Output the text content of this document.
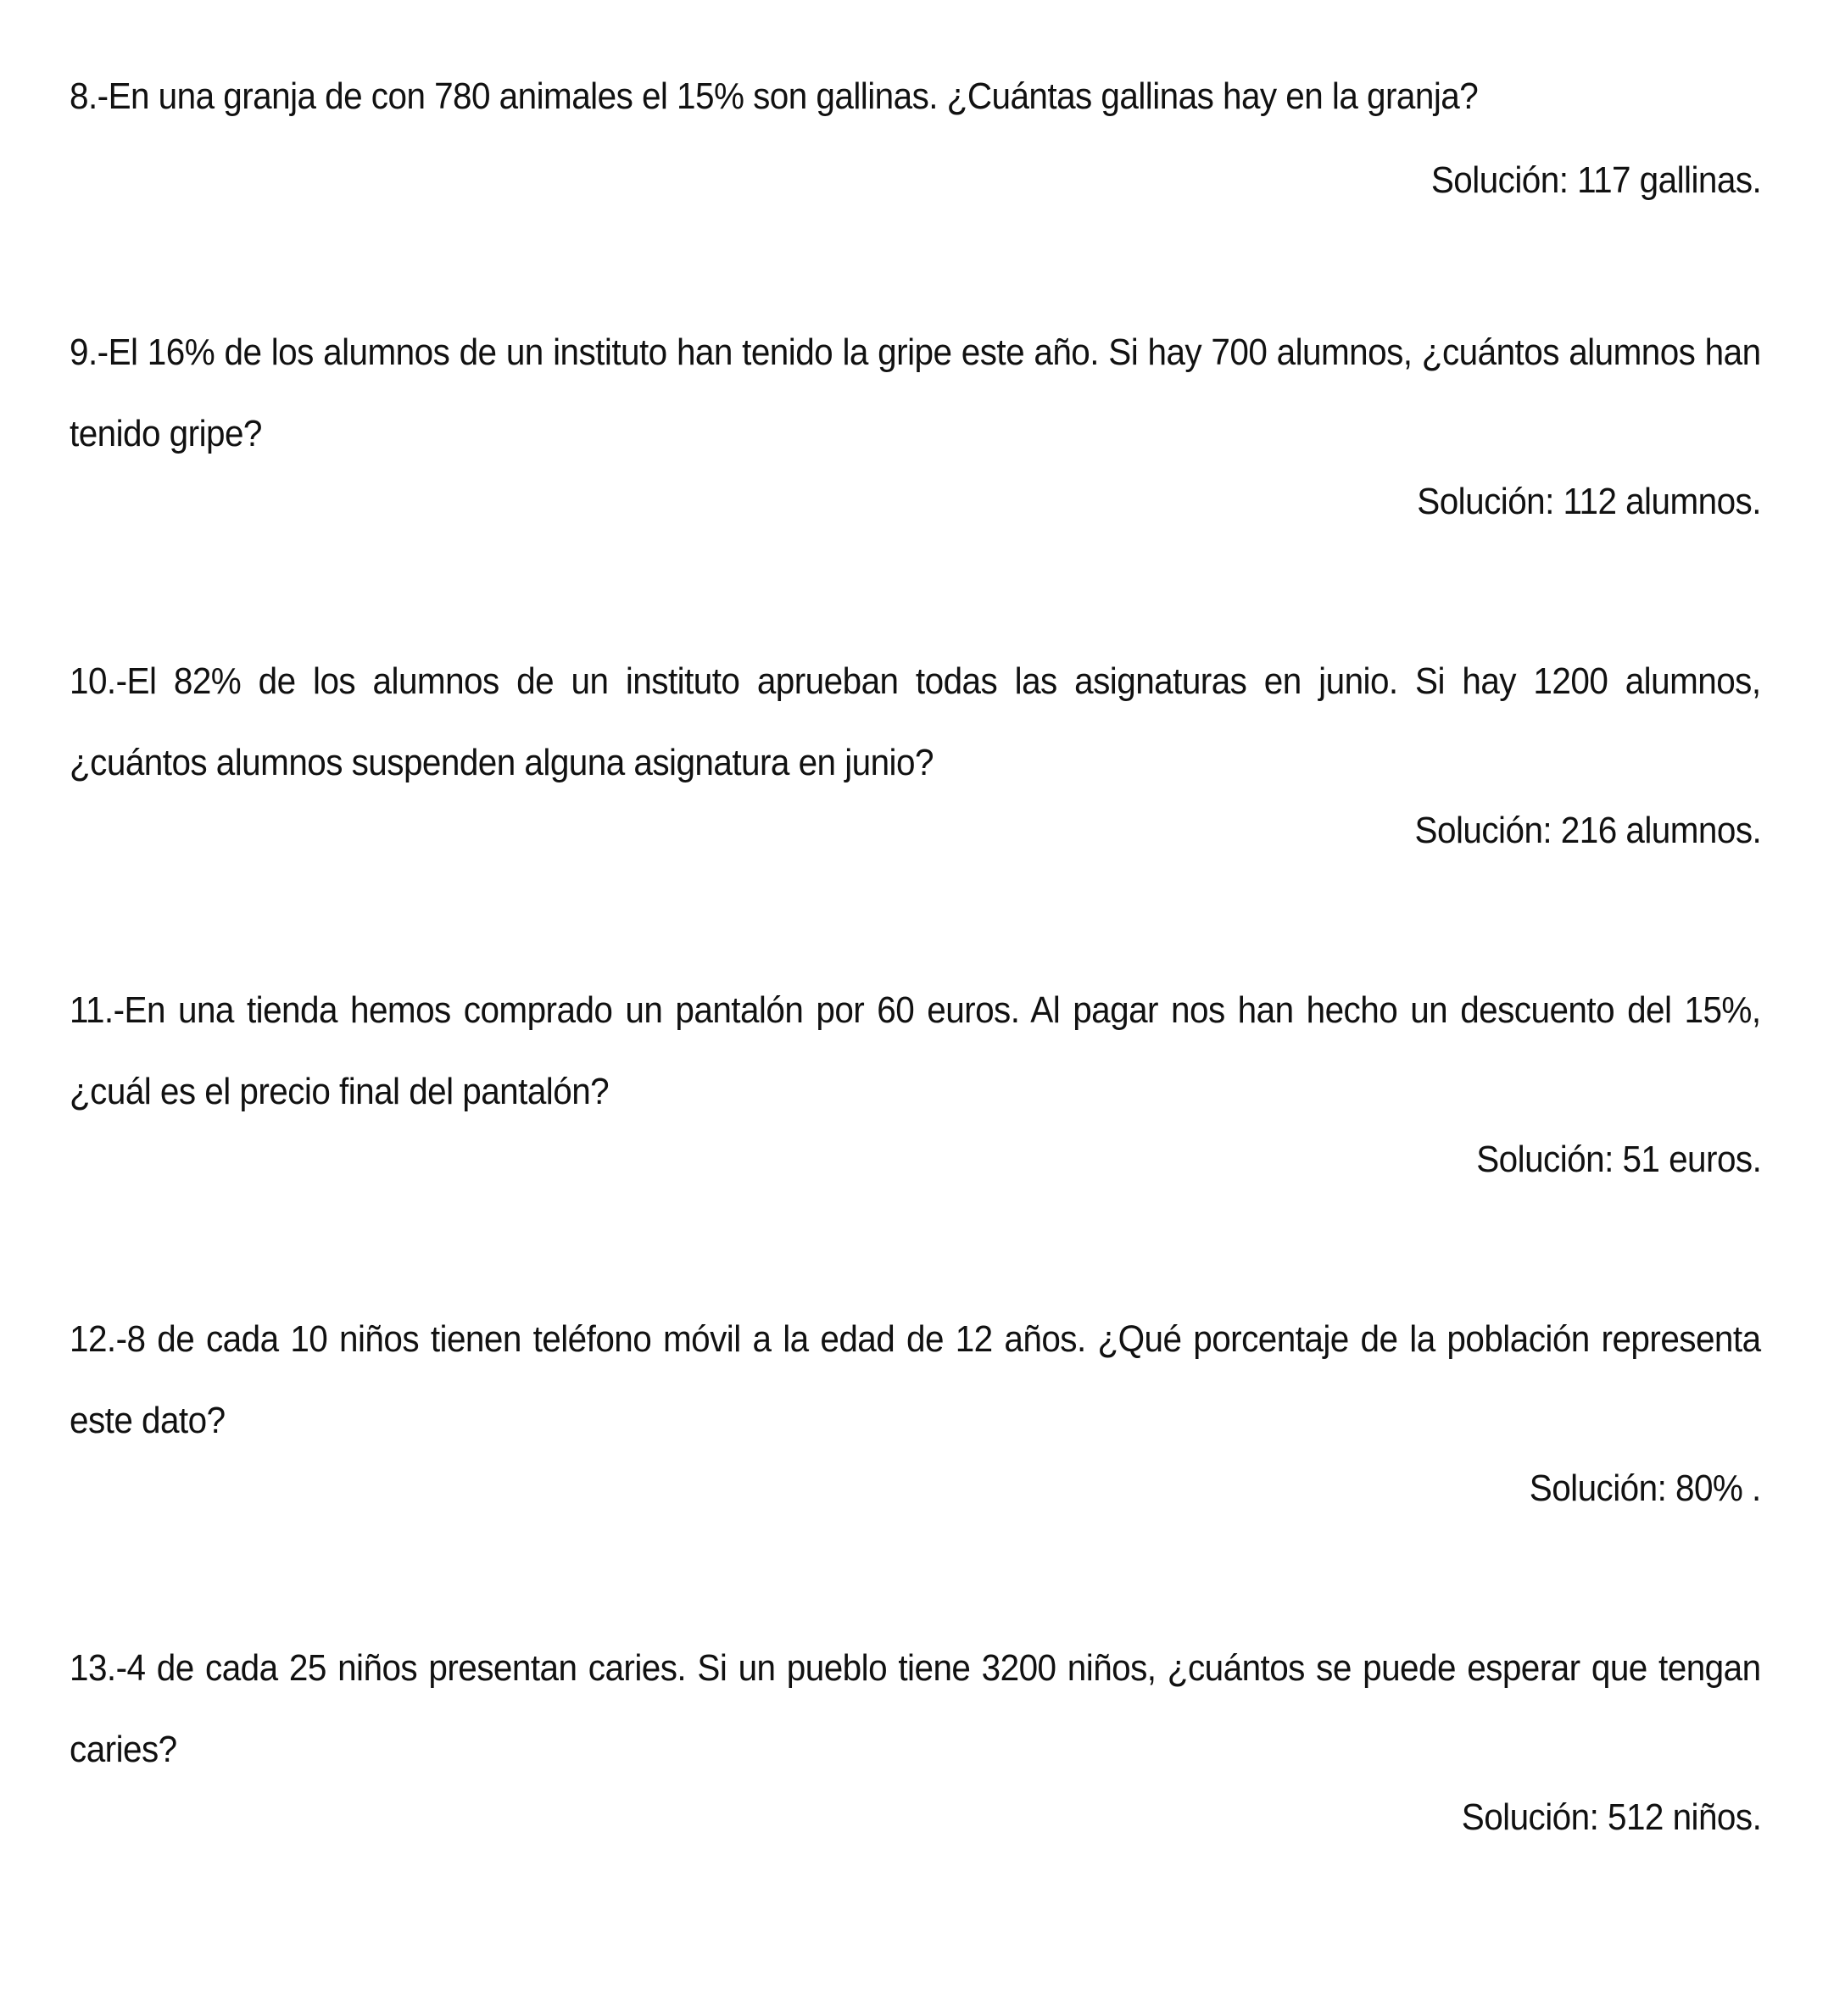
8.-En una granja de con 780 animales el 15% son gallinas. ¿Cuántas gallinas hay en la granja?

Solución: 117 gallinas.

9.-El 16% de los alumnos de un instituto han tenido la gripe este año. Si hay 700 alumnos, ¿cuántos alumnos han tenido gripe?

Solución: 112 alumnos.

10.-El 82% de los alumnos de un instituto aprueban todas las asignaturas en junio. Si hay 1200 alumnos, ¿cuántos alumnos suspenden alguna asignatura en junio?

Solución: 216 alumnos.

11.-En una tienda hemos comprado un pantalón por 60 euros. Al pagar nos han hecho un descuento del 15%, ¿cuál es el precio final del pantalón?

Solución: 51 euros.

12.-8 de cada 10 niños tienen teléfono móvil a la edad de 12 años. ¿Qué porcentaje de la población representa este dato?

Solución: 80% .

13.-4 de cada 25 niños presentan caries. Si un pueblo tiene 3200 niños, ¿cuántos se puede esperar que tengan caries?

Solución: 512 niños.
